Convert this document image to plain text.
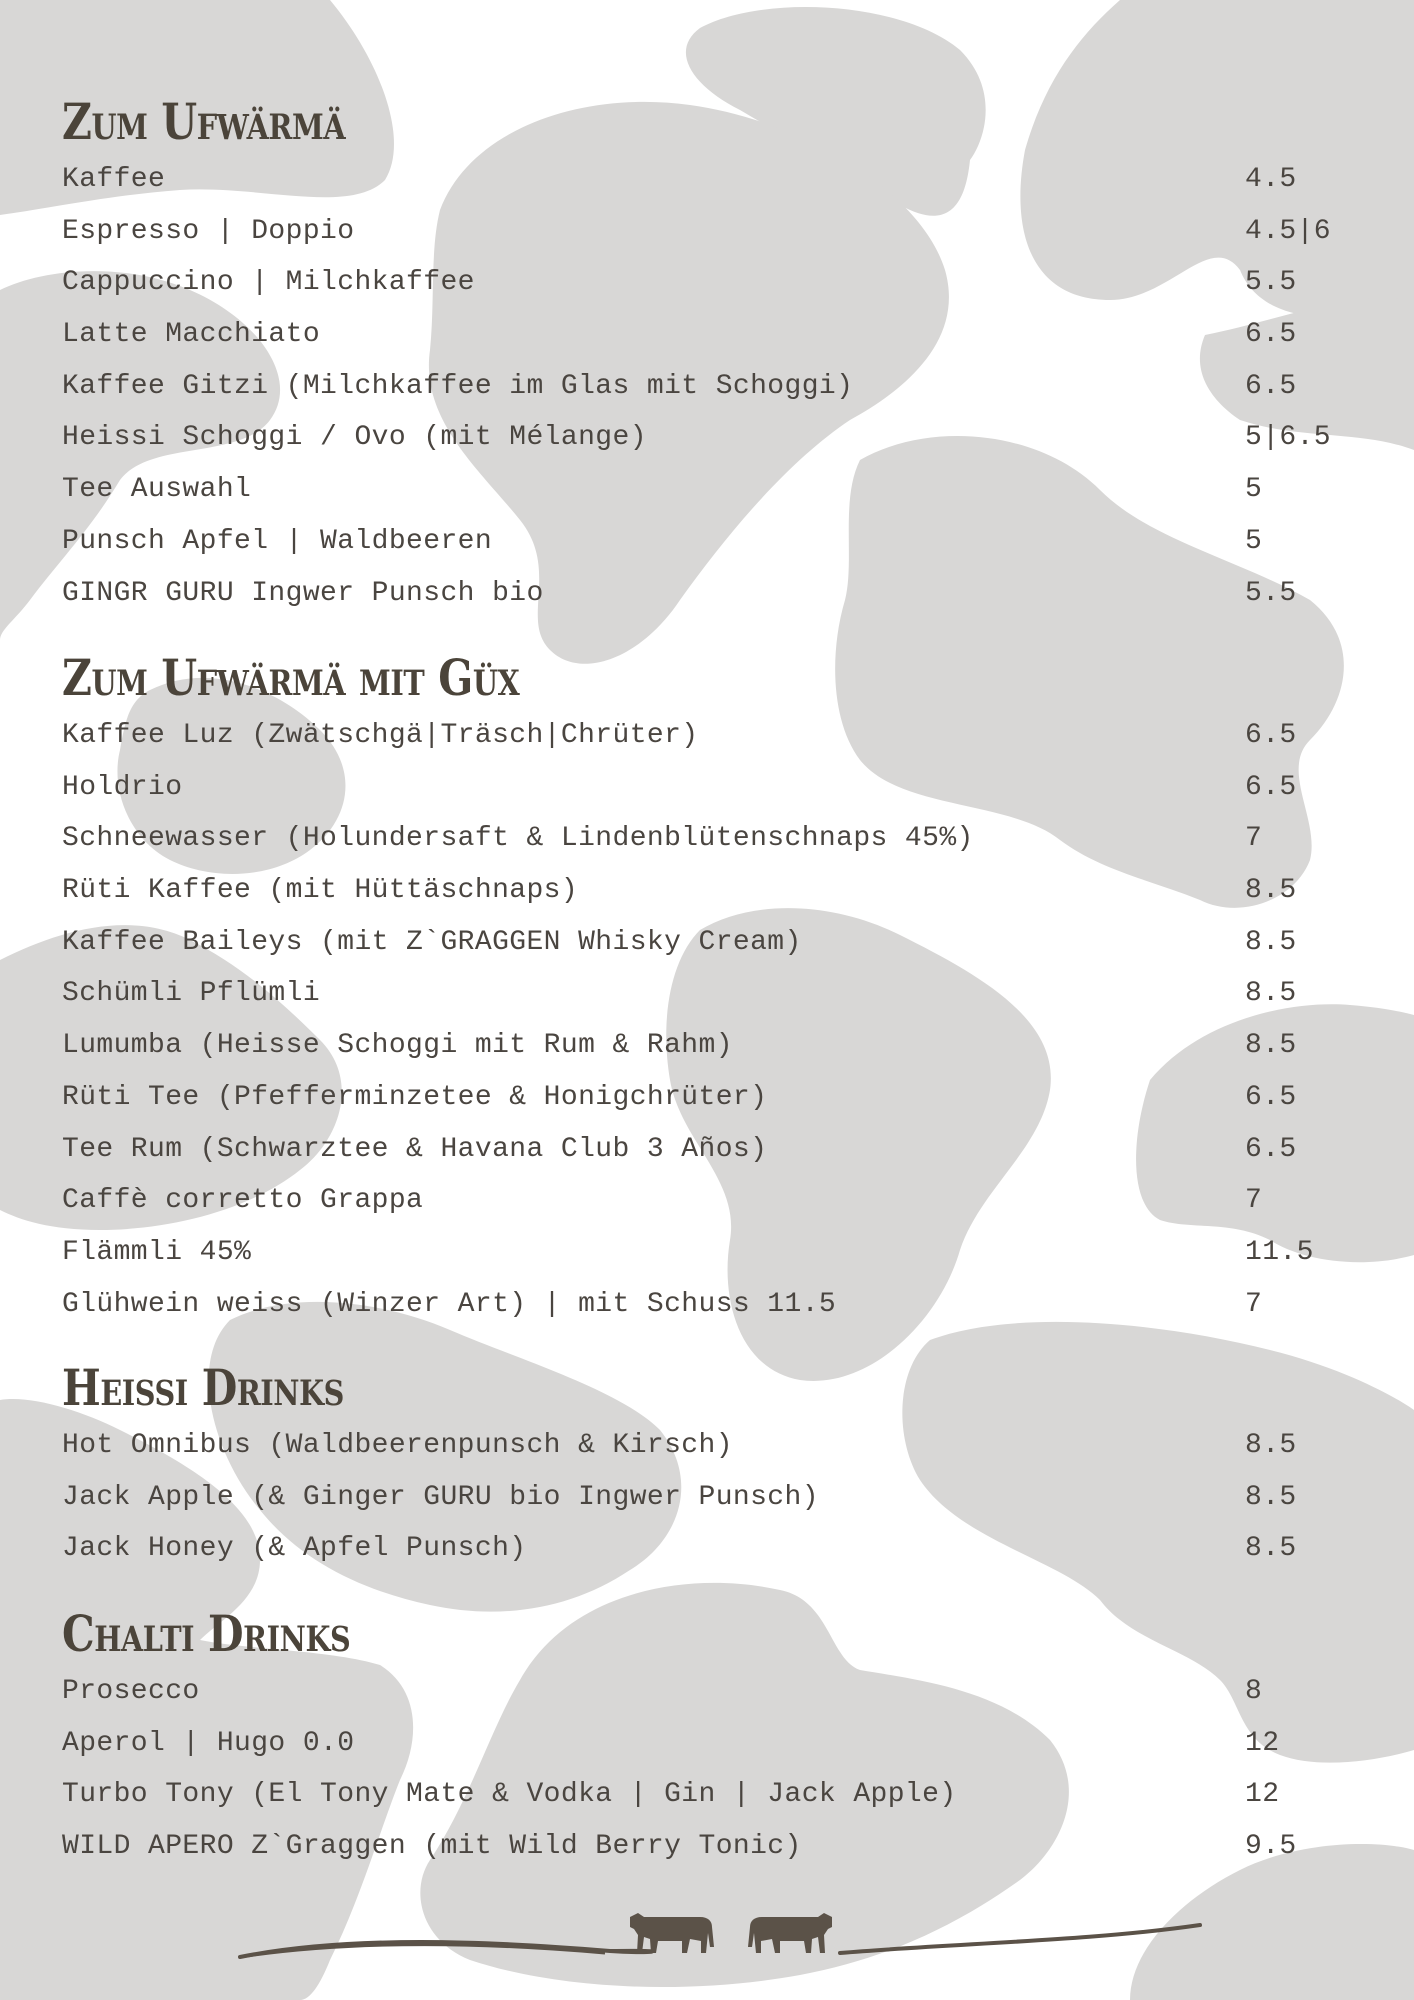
Zum Ufwärmä
Kaffee	4.5
Espresso | Doppio	4.5|6
Cappuccino | Milchkaffee	5.5
Latte Macchiato	6.5
Kaffee Gitzi (Milchkaffee im Glas mit Schoggi)	6.5
Heissi Schoggi / Ovo (mit Mélange)	5|6.5
Tee Auswahl	5
Punsch Apfel | Waldbeeren	5
GINGR GURU Ingwer Punsch bio	5.5
Zum Ufwärmä mit Güx
Kaffee Luz (Zwätschgä|Träsch|Chrüter)	6.5
Holdrio	6.5
Schneewasser (Holundersaft & Lindenblütenschnaps 45%)	7
Rüti Kaffee (mit Hüttäschnaps)	8.5
Kaffee Baileys (mit Z`GRAGGEN Whisky Cream)	8.5
Schümli Pflümli	8.5
Lumumba (Heisse Schoggi mit Rum & Rahm)	8.5
Rüti Tee (Pfefferminzetee & Honigchrüter)	6.5
Tee Rum (Schwarztee & Havana Club 3 Años)	6.5
Caffè corretto Grappa	7
Flämmli 45%	11.5
Glühwein weiss (Winzer Art) | mit Schuss 11.5	7
Heissi Drinks
Hot Omnibus (Waldbeerenpunsch & Kirsch)	8.5
Jack Apple (& Ginger GURU bio Ingwer Punsch)	8.5
Jack Honey (& Apfel Punsch)	8.5
Chalti Drinks
Prosecco	8
Aperol | Hugo 0.0	12
Turbo Tony (El Tony Mate & Vodka | Gin | Jack Apple)	12
WILD APERO Z`Graggen (mit Wild Berry Tonic)	9.5
